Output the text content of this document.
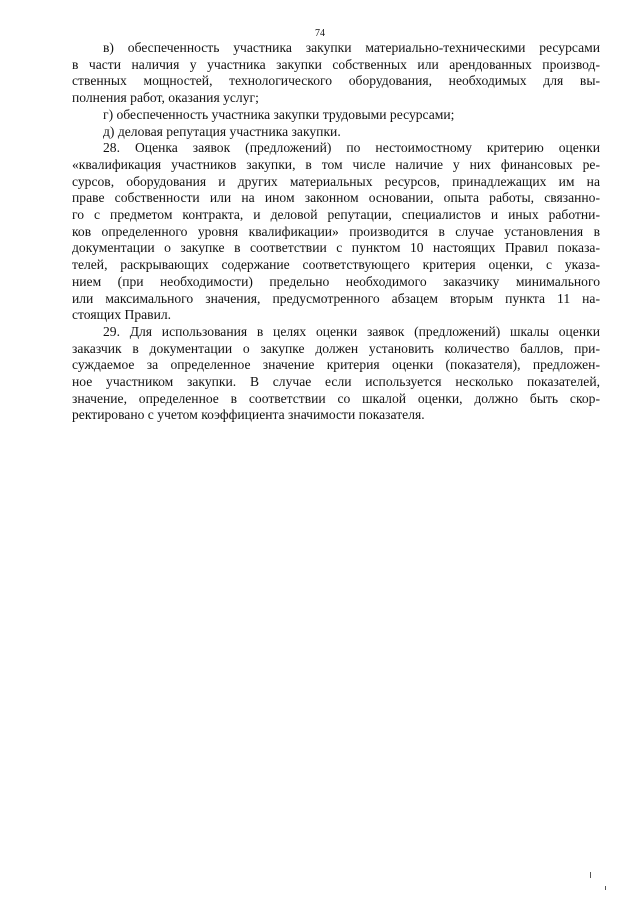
74
в) обеспеченность участника закупки материально-техническими ресурсами
в части наличия у участника закупки собственных или арендованных производ-
ственных мощностей, технологического оборудования, необходимых для вы-
полнения работ, оказания услуг;
г) обеспеченность участника закупки трудовыми ресурсами;
д) деловая репутация участника закупки.
28. Оценка заявок (предложений) по нестоимостному критерию оценки
«квалификация участников закупки, в том числе наличие у них финансовых ре-
сурсов, оборудования и других материальных ресурсов, принадлежащих им на
праве собственности или на ином законном основании, опыта работы, связанно-
го с предметом контракта, и деловой репутации, специалистов и иных работни-
ков определенного уровня квалификации» производится в случае установления в
документации о закупке в соответствии с пунктом 10 настоящих Правил показа-
телей, раскрывающих содержание соответствующего критерия оценки, с указа-
нием (при необходимости) предельно необходимого заказчику минимального
или максимального значения, предусмотренного абзацем вторым пункта 11 на-
стоящих Правил.
29. Для использования в целях оценки заявок (предложений) шкалы оценки
заказчик в документации о закупке должен установить количество баллов, при-
суждаемое за определенное значение критерия оценки (показателя), предложен-
ное участником закупки. В случае если используется несколько показателей,
значение, определенное в соответствии со шкалой оценки, должно быть скор-
ректировано с учетом коэффициента значимости показателя.
